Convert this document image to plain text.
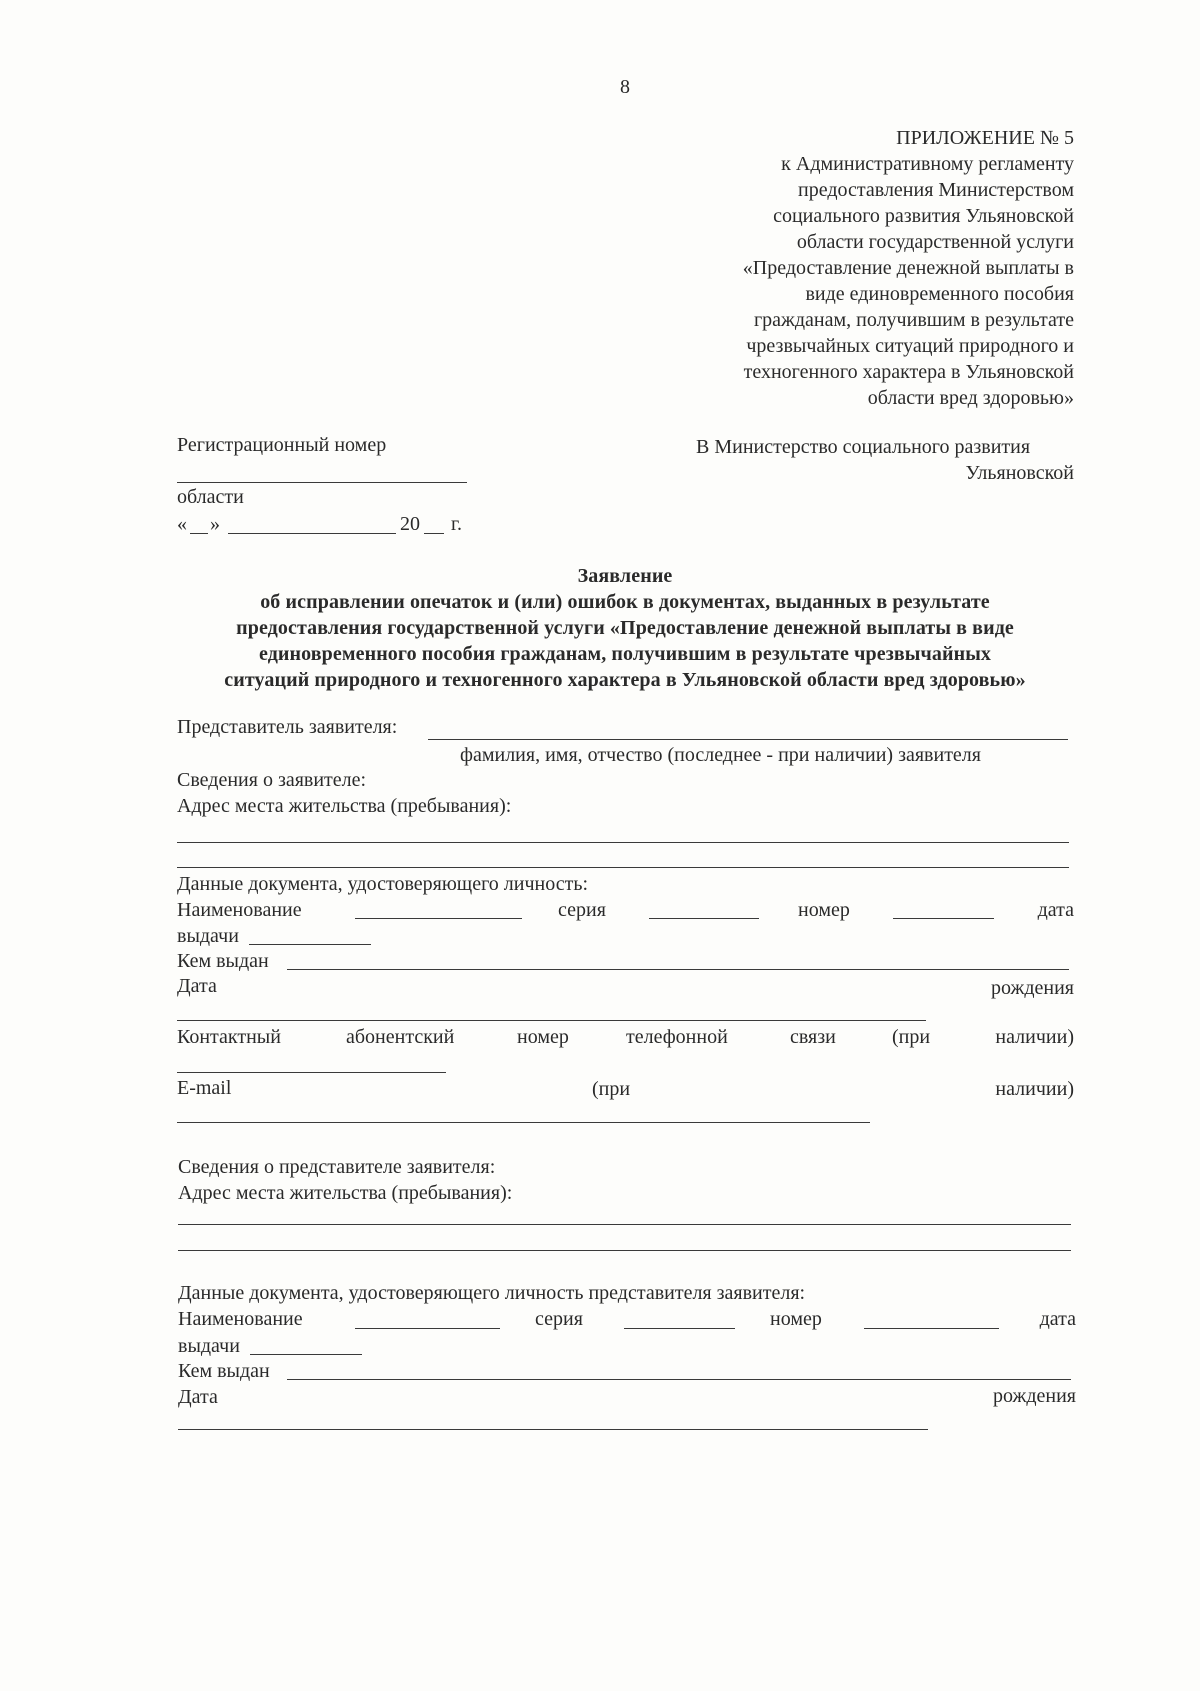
8
ПРИЛОЖЕНИЕ № 5
к Административному регламенту
предоставления Министерством
социального развития Ульяновской
области государственной услуги
«Предоставление денежной выплаты в
виде единовременного пособия
гражданам, получившим в результате
чрезвычайных ситуаций природного и
техногенного характера в Ульяновской
области вред здоровью»
Регистрационный номер
области
« »	20 г.
В Министерство социального развития
Ульяновской
Заявление
об исправлении опечаток и (или) ошибок в документах, выданных в результате
предоставления государственной услуги «Предоставление денежной выплаты в виде
единовременного пособия гражданам, получившим в результате чрезвычайных
ситуаций природного и техногенного характера в Ульяновской области вред здоровью»
Представитель заявителя:
фамилия, имя, отчество (последнее - при наличии) заявителя
Сведения о заявителе:
Адрес места жительства (пребывания):
Данные документа, удостоверяющего личность:
Наименование	серия	номер	дата
выдачи
Кем выдан
Дата	рождения
Контактный	абонентский	номер	телефонной	связи	(при	наличии)
E-mail	(при	наличии)
Сведения о представителе заявителя:
Адрес места жительства (пребывания):
Данные документа, удостоверяющего личность представителя заявителя:
Наименование	серия	номер	дата
выдачи
Кем выдан
Дата	рождения
